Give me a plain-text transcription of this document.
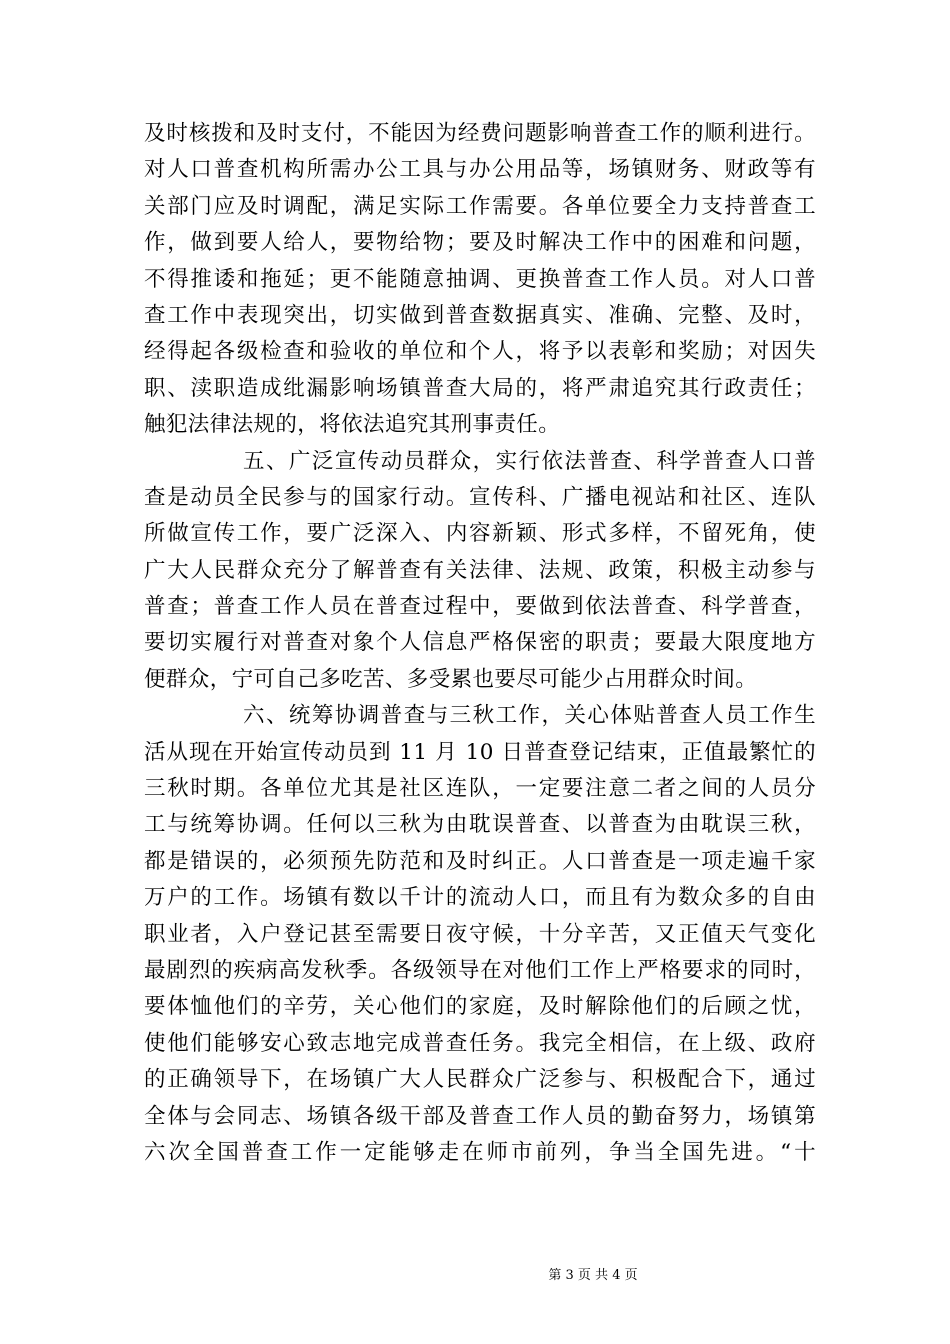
及时核拨和及时支付，不能因为经费问题影响普查工作的顺利进行。
对人口普查机构所需办公工具与办公用品等，场镇财务、财政等有
关部门应及时调配，满足实际工作需要。各单位要全力支持普查工
作，做到要人给人，要物给物；要及时解决工作中的困难和问题，
不得推诿和拖延；更不能随意抽调、更换普查工作人员。对人口普
查工作中表现突出，切实做到普查数据真实、准确、完整、及时，
经得起各级检查和验收的单位和个人，将予以表彰和奖励；对因失
职、渎职造成纰漏影响场镇普查大局的，将严肃追究其行政责任；
触犯法律法规的，将依法追究其刑事责任。
五、广泛宣传动员群众，实行依法普查、科学普查人口普
查是动员全民参与的国家行动。宣传科、广播电视站和社区、连队
所做宣传工作，要广泛深入、内容新颖、形式多样，不留死角，使
广大人民群众充分了解普查有关法律、法规、政策，积极主动参与
普查；普查工作人员在普查过程中，要做到依法普查、科学普查，
要切实履行对普查对象个人信息严格保密的职责；要最大限度地方
便群众，宁可自己多吃苦、多受累也要尽可能少占用群众时间。
六、统筹协调普查与三秋工作，关心体贴普查人员工作生
活从现在开始宣传动员到 11 月 10 日普查登记结束，正值最繁忙的
三秋时期。各单位尤其是社区连队，一定要注意二者之间的人员分
工与统筹协调。任何以三秋为由耽误普查、以普查为由耽误三秋，
都是错误的，必须预先防范和及时纠正。人口普查是一项走遍千家
万户的工作。场镇有数以千计的流动人口，而且有为数众多的自由
职业者，入户登记甚至需要日夜守候，十分辛苦，又正值天气变化
最剧烈的疾病高发秋季。各级领导在对他们工作上严格要求的同时，
要体恤他们的辛劳，关心他们的家庭，及时解除他们的后顾之忧，
使他们能够安心致志地完成普查任务。我完全相信，在上级、政府
的正确领导下，在场镇广大人民群众广泛参与、积极配合下，通过
全体与会同志、场镇各级干部及普查工作人员的勤奋努力，场镇第
六次全国普查工作一定能够走在师市前列，争当全国先进。“十
第 3 页 共 4 页
